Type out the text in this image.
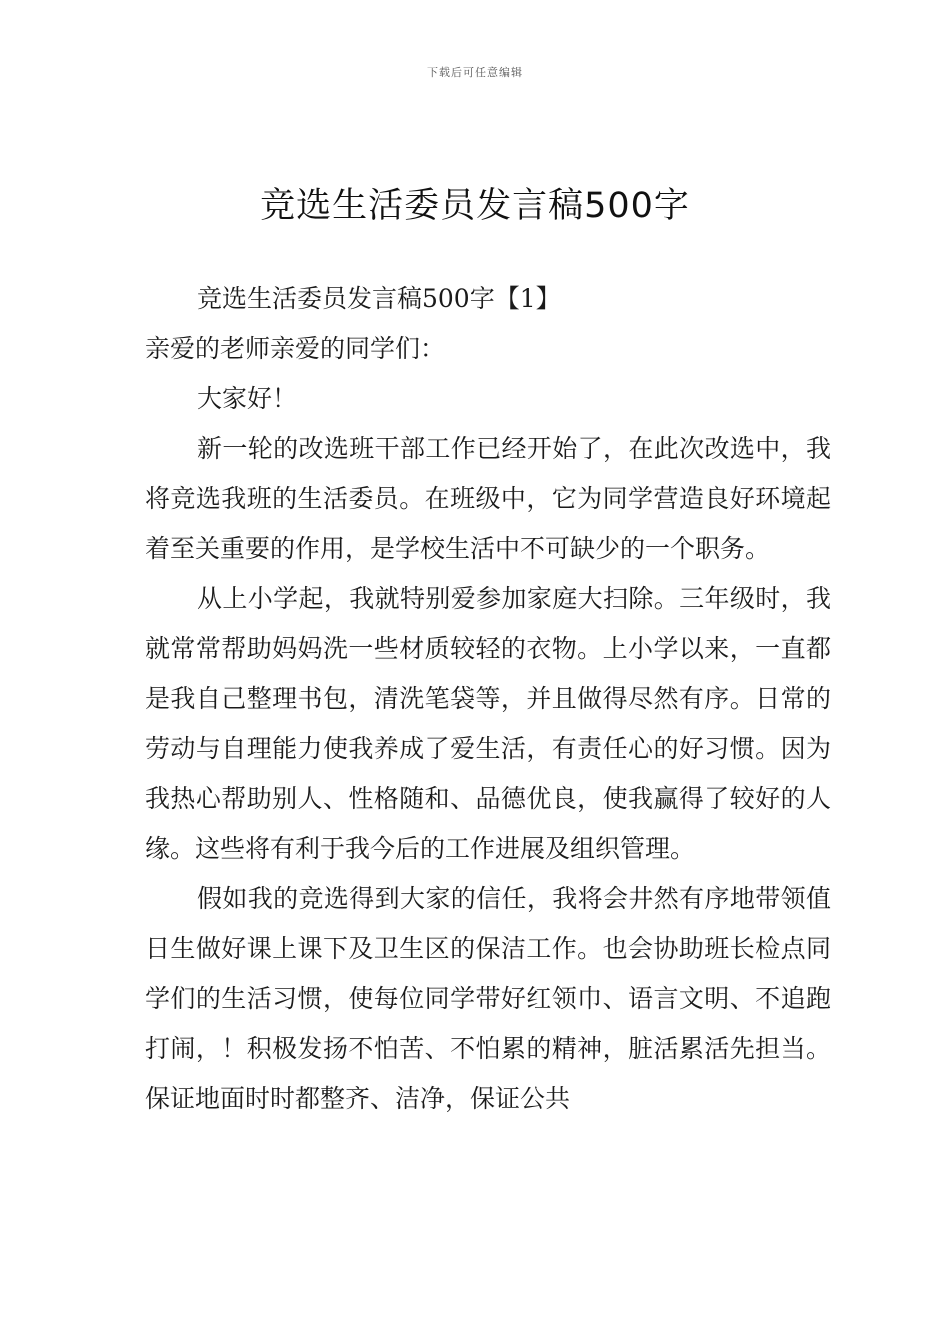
下载后可任意编辑
竞选生活委员发言稿500字

竞选生活委员发言稿500字【1】

亲爱的老师亲爱的同学们：

大家好！

新一轮的改选班干部工作已经开始了，在此次改选中，我将竞选我班的生活委员。在班级中，它为同学营造良好环境起着至关重要的作用，是学校生活中不可缺少的一个职务。

从上小学起，我就特别爱参加家庭大扫除。三年级时，我就常常帮助妈妈洗一些材质较轻的衣物。上小学以来，一直都是我自己整理书包，清洗笔袋等，并且做得尽然有序。日常的劳动与自理能力使我养成了爱生活，有责任心的好习惯。因为我热心帮助别人、性格随和、品德优良，使我赢得了较好的人缘。这些将有利于我今后的工作进展及组织管理。

假如我的竞选得到大家的信任，我将会井然有序地带领值日生做好课上课下及卫生区的保洁工作。也会协助班长检点同学们的生活习惯，使每位同学带好红领巾、语言文明、不追跑打闹，！积极发扬不怕苦、不怕累的精神，脏活累活先担当。保证地面时时都整齐、洁净，保证公共
